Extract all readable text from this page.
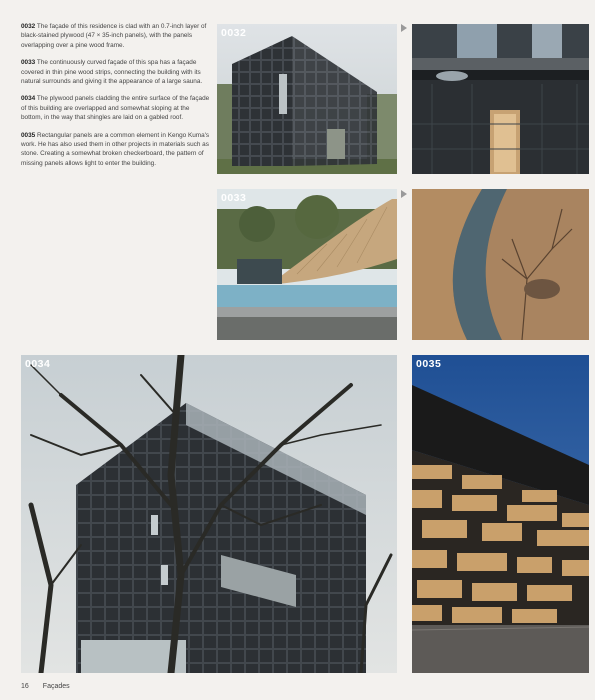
0032 The façade of this residence is clad with an 0.7-inch layer of black-stained plywood (47 × 35-inch panels), with the panels overlapping over a pine wood frame.

0033 The continuously curved façade of this spa has a façade covered in thin pine wood strips, connecting the building with its natural surrounds and giving it the appearance of a large sauna.

0034 The plywood panels cladding the entire surface of the façade of this building are overlapped and somewhat sloping at the bottom, in the way that shingles are laid on a gabled roof.

0035 Rectangular panels are a common element in Kengo Kuma's work. He has also used them in other projects in materials such as stone. Creating a somewhat broken checkerboard, the pattern of missing panels allows light to enter the building.

0032
0033
0034	0035
16 Façades
